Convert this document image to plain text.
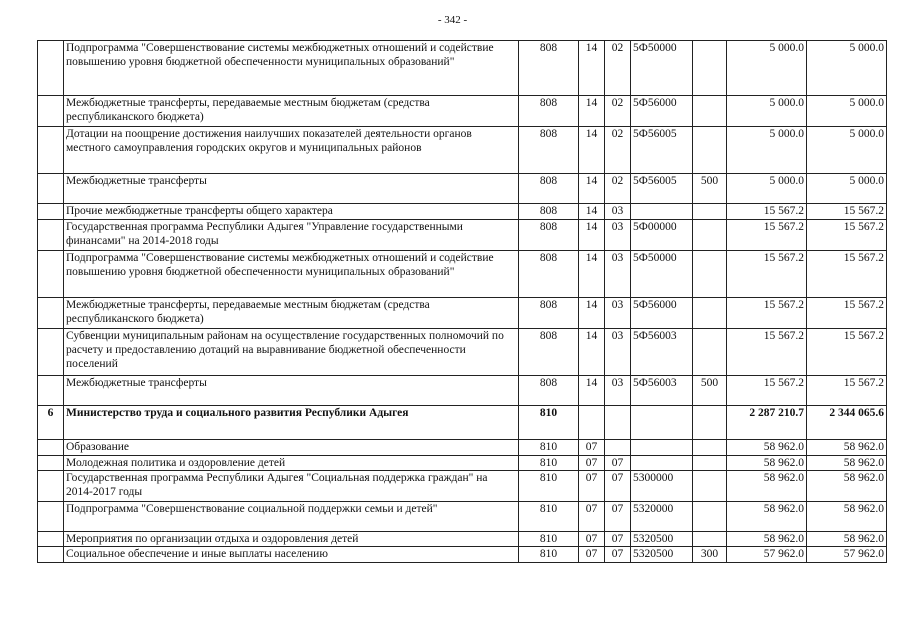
- 342 -
	Подпрограмма "Совершенствование системы межбюджетных отношений и содействие повышению уровня бюджетной обеспеченности муниципальных образований"	808	14	02	5Ф50000		5 000.0	5 000.0
	Межбюджетные трансферты, передаваемые местным бюджетам (средства республиканского бюджета)	808	14	02	5Ф56000		5 000.0	5 000.0
	Дотации на поощрение достижения наилучших показателей деятельности органов местного самоуправления городских округов и муниципальных районов	808	14	02	5Ф56005		5 000.0	5 000.0
	Межбюджетные трансферты	808	14	02	5Ф56005	500	5 000.0	5 000.0
	Прочие межбюджетные трансферты общего характера	808	14	03			15 567.2	15 567.2
	Государственная программа Республики Адыгея "Управление государственными финансами" на 2014-2018 годы	808	14	03	5Ф00000		15 567.2	15 567.2
	Подпрограмма "Совершенствование системы межбюджетных отношений и содействие повышению уровня бюджетной обеспеченности муниципальных образований"	808	14	03	5Ф50000		15 567.2	15 567.2
	Межбюджетные трансферты, передаваемые местным бюджетам (средства республиканского бюджета)	808	14	03	5Ф56000		15 567.2	15 567.2
	Субвенции муниципальным районам на осуществление государственных полномочий по расчету и предоставлению дотаций на выравнивание бюджетной обеспеченности поселений	808	14	03	5Ф56003		15 567.2	15 567.2
	Межбюджетные трансферты	808	14	03	5Ф56003	500	15 567.2	15 567.2
6	Министерство труда и социального развития Республики Адыгея	810					2 287 210.7	2 344 065.6
	Образование	810	07				58 962.0	58 962.0
	Молодежная политика и оздоровление детей	810	07	07			58 962.0	58 962.0
	Государственная программа Республики Адыгея "Социальная поддержка граждан" на 2014-2017 годы	810	07	07	5300000		58 962.0	58 962.0
	Подпрограмма "Совершенствование социальной поддержки семьи и детей"	810	07	07	5320000		58 962.0	58 962.0
	Мероприятия по организации отдыха и оздоровления детей	810	07	07	5320500		58 962.0	58 962.0
	Социальное обеспечение и иные выплаты населению	810	07	07	5320500	300	57 962.0	57 962.0
